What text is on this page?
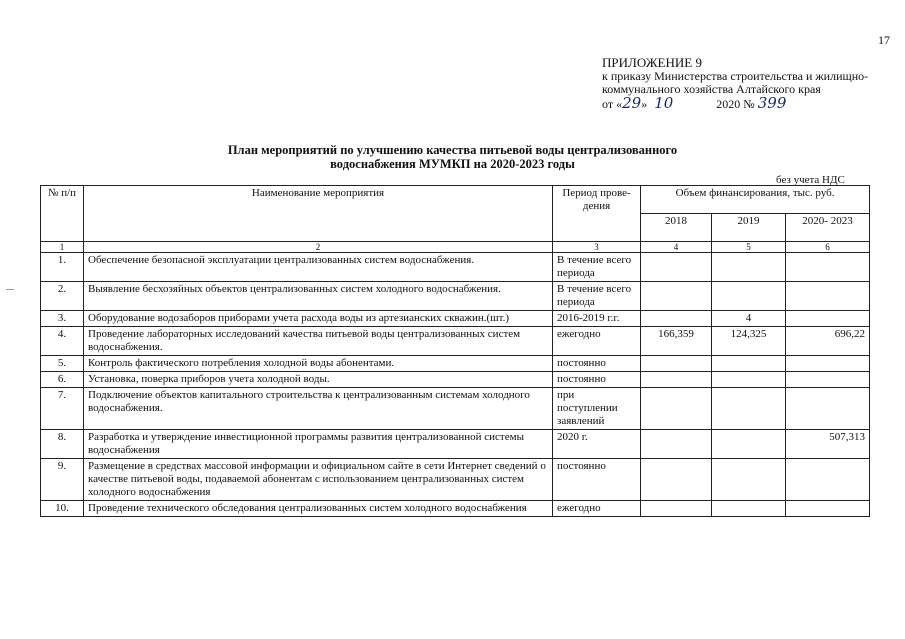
17
ПРИЛОЖЕНИЕ 9
к приказу Министерства строительства и жилищно-
коммунального хозяйства Алтайского края
от «29» 10	2020 № 399
План мероприятий по улучшению качества питьевой воды централизованного
водоснабжения МУМКП на 2020-2023 годы
без учета НДС
№ п/п	Наименование мероприятия	Период прове- дения	Объем финансирования, тыс. руб.		
			2018	2019	2020- 2023
1	2	3	4	5	6
1.	Обеспечение безопасной эксплуатации централизованных систем водоснабжения.	В течение всего периода			
2.	Выявление бесхозяйных объектов централизованных систем холодного водоснабжения.	В течение всего периода			
3.	Оборудование водозаборов приборами учета расхода воды из артезианских скважин.(шт.)	2016-2019 г.г.		4	
4.	Проведение лабораторных исследований качества питьевой воды централизованных систем водоснабжения.	ежегодно	166,359	124,325	696,22
5.	Контроль фактического потребления холодной воды абонентами.	постоянно			
6.	Установка, поверка приборов учета холодной воды.	постоянно			
7.	Подключение объектов капитального строительства к централизованным системам холодного водоснабжения.	при поступлении заявлений			
8.	Разработка и утверждение инвестиционной программы развития централизованной системы водоснабжения	2020 г.			507,313
9.	Размещение в средствах массовой информации и официальном сайте в сети Интернет сведений о качестве питьевой воды, подаваемой абонентам с использованием централизованных систем холодного водоснабжения	постоянно			
10.	Проведение технического обследования централизованных систем холодного водоснабжения	ежегодно			
